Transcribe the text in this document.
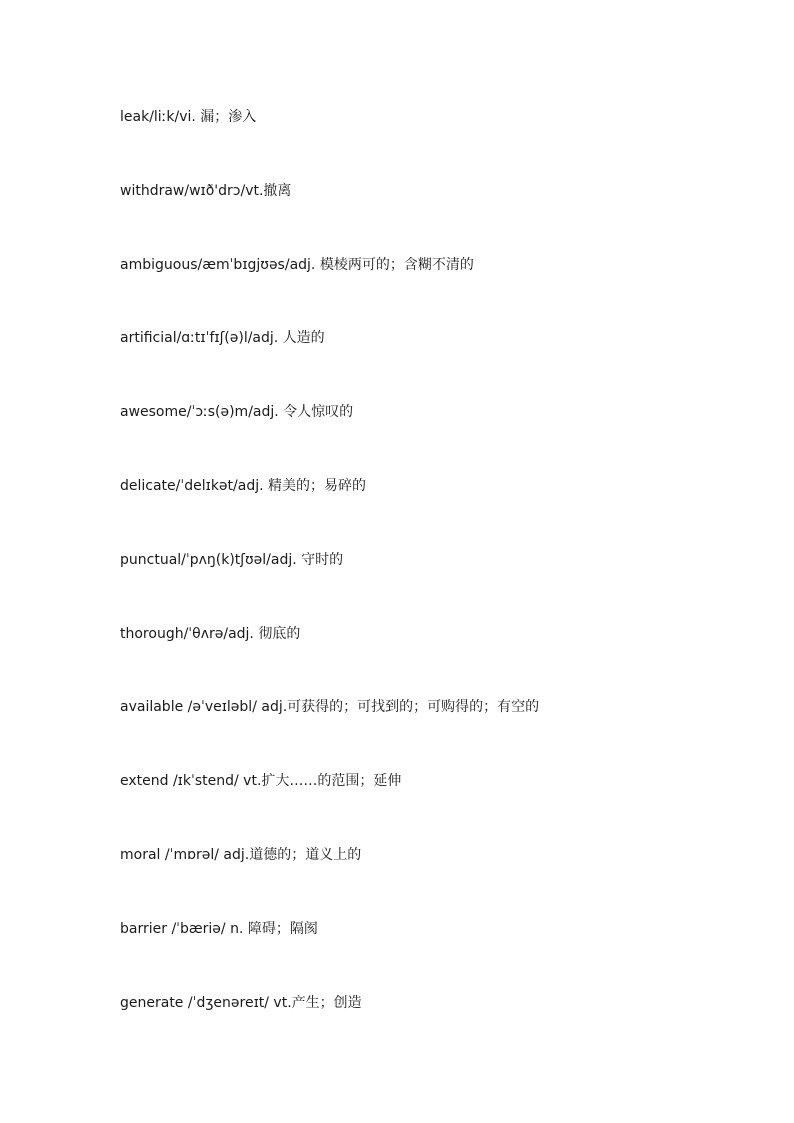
leak/liːk/vi. 漏；渗入
withdraw/wɪð'drɔ/vt.撤离
ambiguous/æmˈbɪgjʊəs/adj. 模棱两可的；含糊不清的
artificial/ɑːtɪˈfɪʃ(ə)l/adj. 人造的
awesome/ˈɔːs(ə)m/adj. 令人惊叹的
delicate/ˈdelɪkət/adj. 精美的；易碎的
punctual/ˈpʌŋ(k)tʃʊəl/adj. 守时的
thorough/ˈθʌrə/adj. 彻底的
available /əˈveɪləbl/ adj.可获得的；可找到的；可购得的；有空的
extend /ɪkˈstend/ vt.扩大……的范围；延伸
moral /ˈmɒrəl/ adj.道德的；道义上的
barrier /ˈbæriə/ n. 障碍；隔阂
generate /ˈdʒenəreɪt/ vt.产生；创造
